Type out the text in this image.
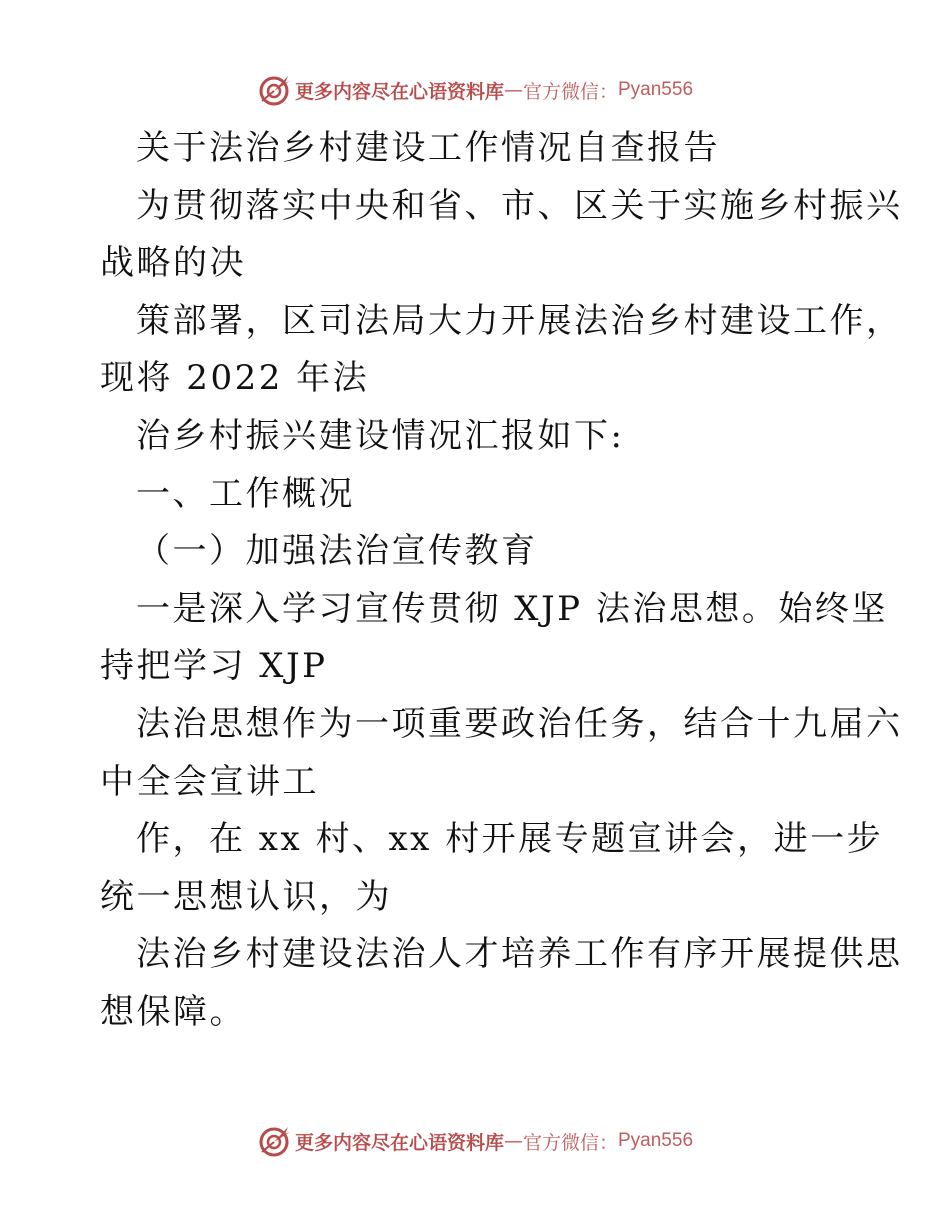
更多内容尽在心语资料库 — 官方微信： Pyan556
关于法治乡村建设工作情况自查报告
为贯彻落实中央和省、市、区关于实施乡村振兴
战略的决
策部署，区司法局大力开展法治乡村建设工作，
现将 2022 年法
治乡村振兴建设情况汇报如下:
一、工作概况
（一）加强法治宣传教育
一是深入学习宣传贯彻 XJP 法治思想。始终坚
持把学习 XJP
法治思想作为一项重要政治任务，结合十九届六
中全会宣讲工
作，在 xx 村、xx 村开展专题宣讲会，进一步
统一思想认识，为
法治乡村建设法治人才培养工作有序开展提供思
想保障。
更多内容尽在心语资料库 — 官方微信： Pyan556
